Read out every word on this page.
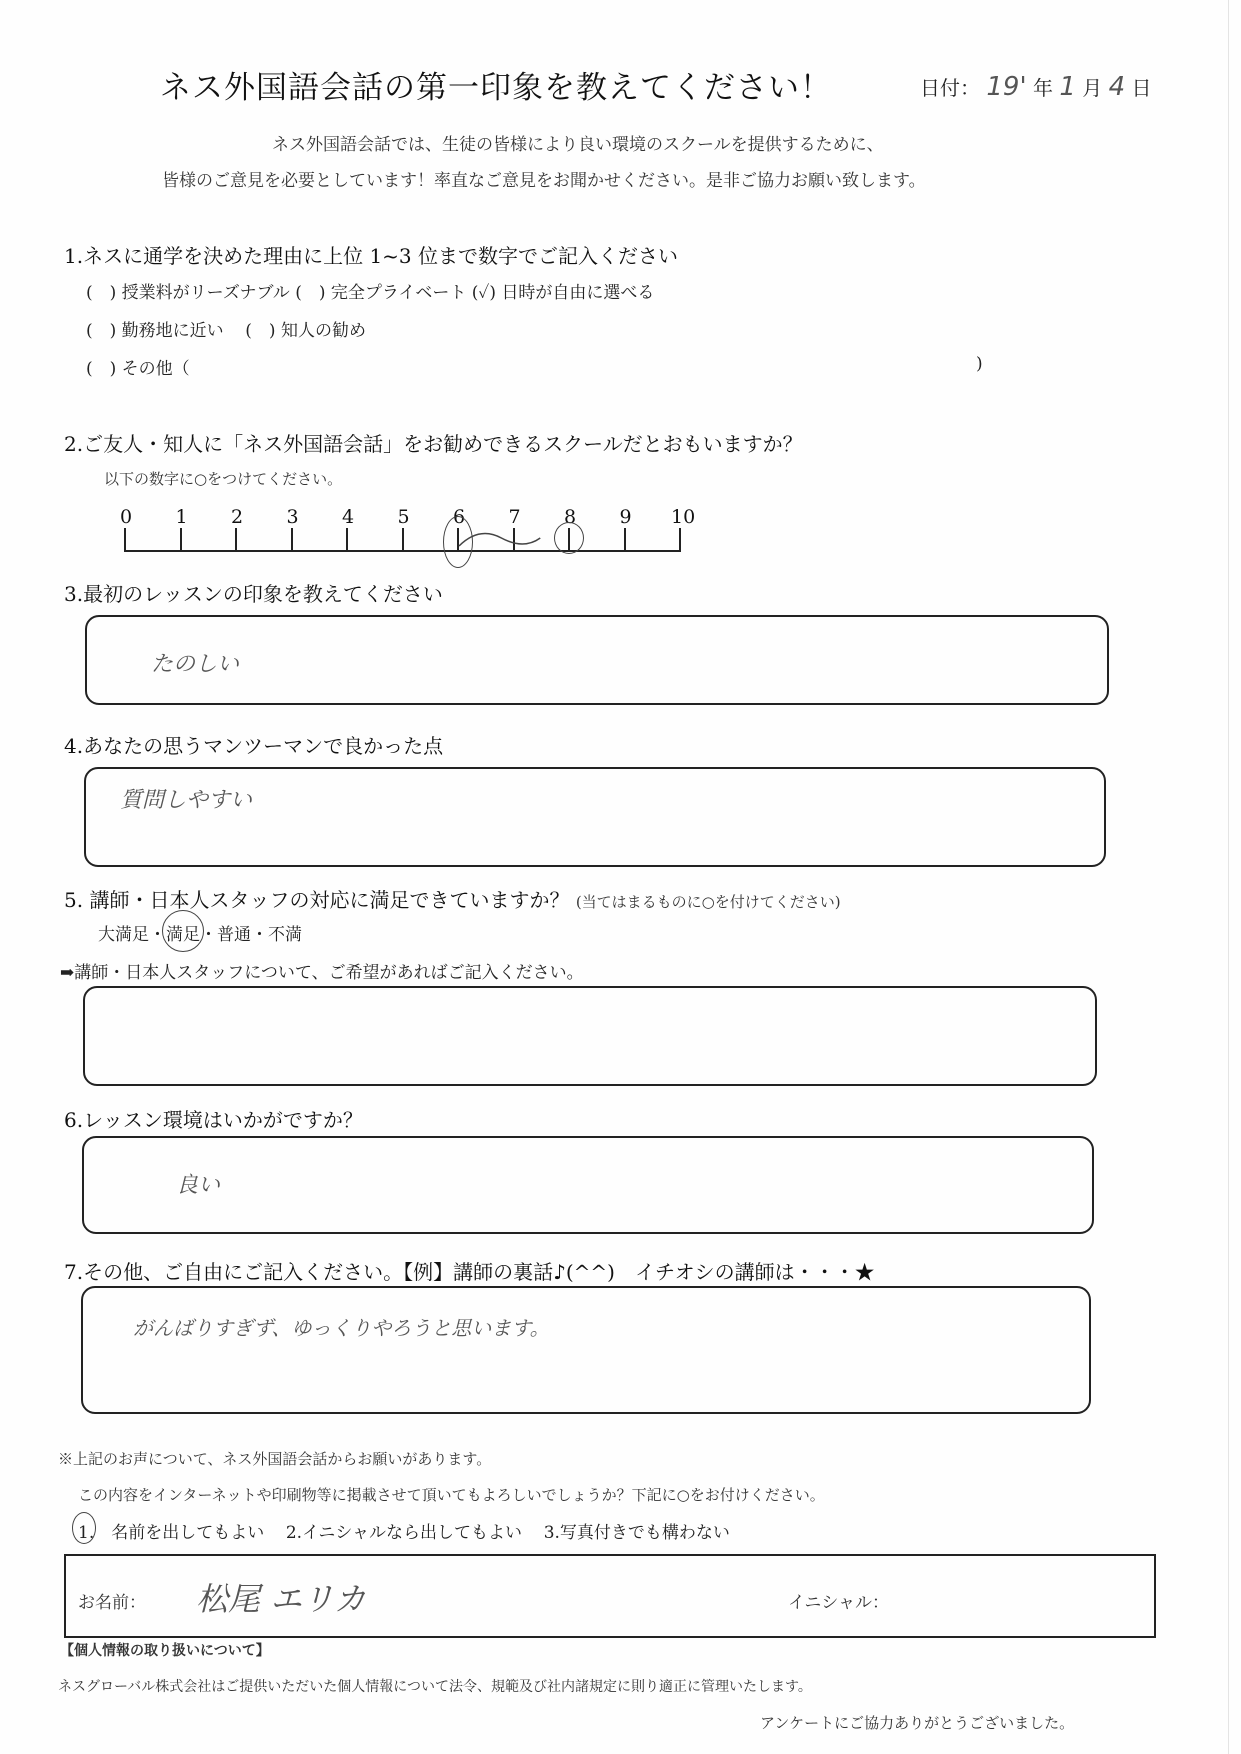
ネス外国語会話の第一印象を教えてください！	日付： 19' 年 1 月 4 日
ネス外国語会話では、生徒の皆様により良い環境のスクールを提供するために、
皆様のご意見を必要としています！率直なご意見をお聞かせください。是非ご協力お願い致します。
1.ネスに通学を決めた理由に上位 1~3 位まで数字でご記入ください
(　) 授業料がリーズナブル (　) 完全プライベート (✓) 日時が自由に選べる
(　) 勤務地に近い (　) 知人の勧め
(　) その他（	)
2.ご友人・知人に「ネス外国語会話」をお勧めできるスクールだとおもいますか？
以下の数字に○をつけてください。
0 1 2 3 4 5 6 7 8 9 10
3.最初のレッスンの印象を教えてください
たのしい
4.あなたの思うマンツーマンで良かった点
質問しやすい
5. 講師・日本人スタッフの対応に満足できていますか？ (当てはまるものに○を付けてください)
大満足・満足
・普通・不満
➡講師・日本人スタッフについて、ご希望があればご記入ください。
6.レッスン環境はいかがですか？
良い
7.その他、ご自由にご記入ください。【例】講師の裏話♪(^^)　イチオシの講師は・・・★
がんばりすぎず、ゆっくりやろうと思います。
※上記のお声について、ネス外国語会話からお願いがあります。
この内容をインターネットや印刷物等に掲載させて頂いてもよろしいでしょうか？下記に○をお付けください。
1.　名前を出してもよい 2.イニシャルなら出してもよい 3.写真付きでも構わない
お名前： 松尾 エリカ	イニシャル：
【個人情報の取り扱いについて】
ネスグローバル株式会社はご提供いただいた個人情報について法令、規範及び社内諸規定に則り適正に管理いたします。
アンケートにご協力ありがとうございました。
